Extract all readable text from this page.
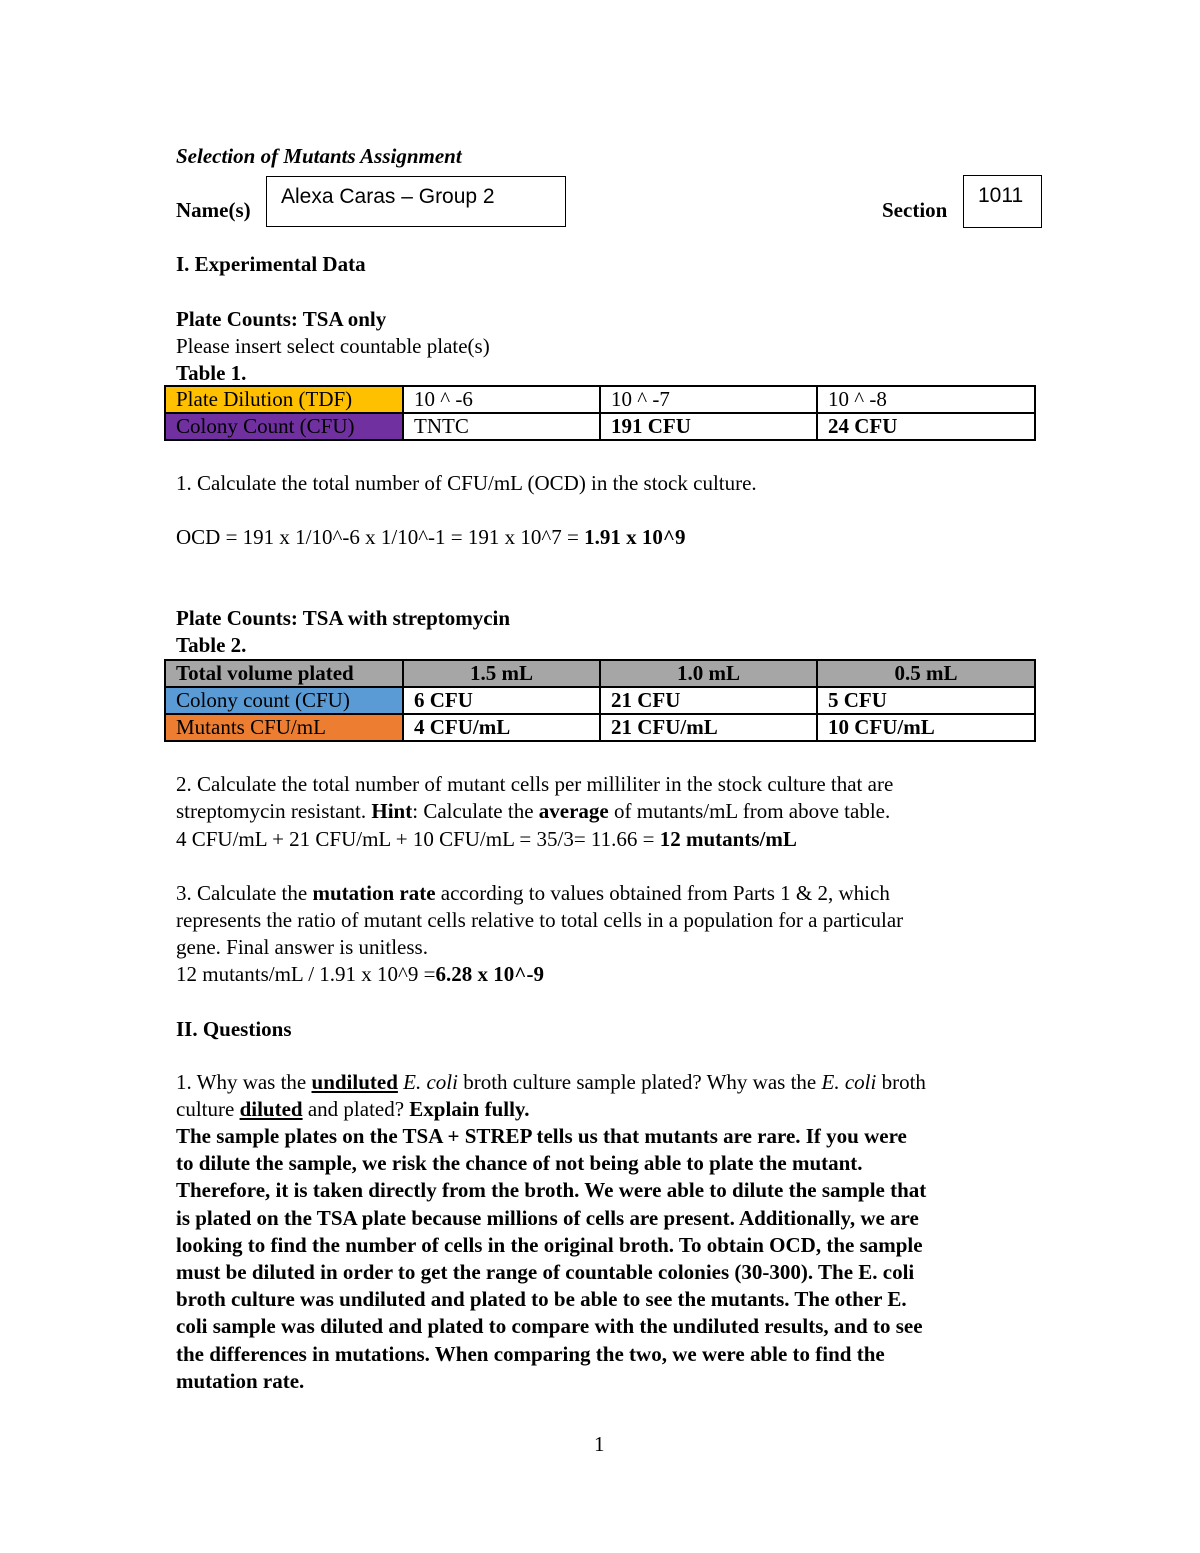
Selection of Mutants Assignment
Name(s)
Alexa Caras – Group 2
Section
1011
I. Experimental Data
Plate Counts: TSA only
Please insert select countable plate(s)
Table 1.
Plate Dilution (TDF)	10 ^ -6	10 ^ -7	10 ^ -8
Colony Count (CFU)	TNTC	191 CFU	24 CFU
1. Calculate the total number of CFU/mL (OCD) in the stock culture.
OCD = 191 x 1/10^-6 x 1/10^-1 = 191 x 10^7 = 1.91 x 10^9
Plate Counts: TSA with streptomycin
Table 2.
Total volume plated	1.5 mL	1.0 mL	0.5 mL
Colony count (CFU)	6 CFU	21 CFU	5 CFU
Mutants CFU/mL	4 CFU/mL	21 CFU/mL	10 CFU/mL
2. Calculate the total number of mutant cells per milliliter in the stock culture that are
streptomycin resistant. Hint: Calculate the average of mutants/mL from above table.
4 CFU/mL + 21 CFU/mL + 10 CFU/mL = 35/3= 11.66 = 12 mutants/mL
3. Calculate the mutation rate according to values obtained from Parts 1 & 2, which
represents the ratio of mutant cells relative to total cells in a population for a particular
gene. Final answer is unitless.
12 mutants/mL / 1.91 x 10^9 =6.28 x 10^-9
II. Questions
1. Why was the undiluted E. coli broth culture sample plated? Why was the E. coli broth
culture diluted and plated? Explain fully.
The sample plates on the TSA + STREP tells us that mutants are rare. If you were
to dilute the sample, we risk the chance of not being able to plate the mutant.
Therefore, it is taken directly from the broth. We were able to dilute the sample that
is plated on the TSA plate because millions of cells are present. Additionally, we are
looking to find the number of cells in the original broth. To obtain OCD, the sample
must be diluted in order to get the range of countable colonies (30-300). The E. coli
broth culture was undiluted and plated to be able to see the mutants. The other E.
coli sample was diluted and plated to compare with the undiluted results, and to see
the differences in mutations. When comparing the two, we were able to find the
mutation rate.
1
